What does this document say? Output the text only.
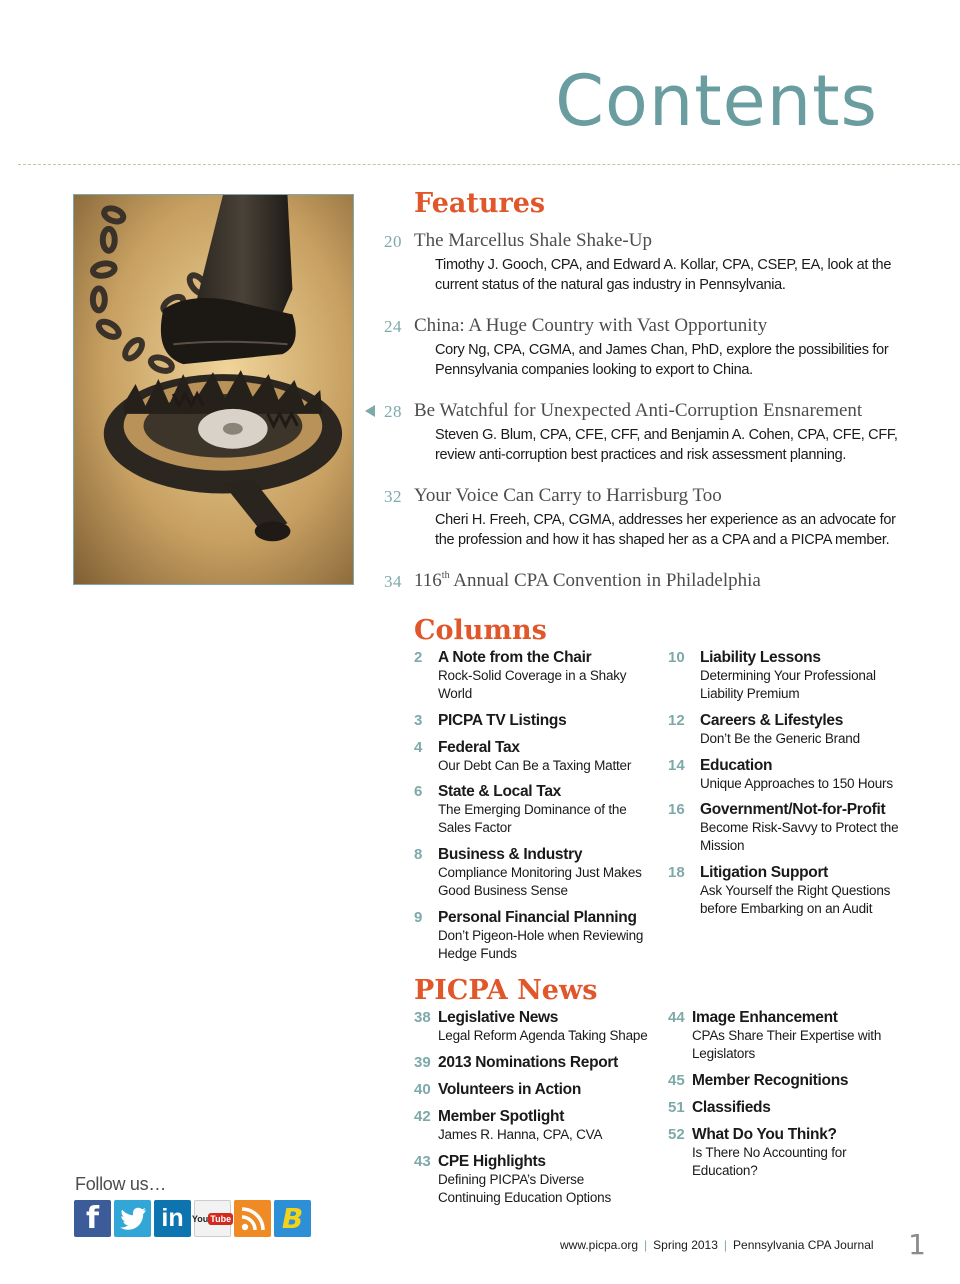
Contents
Features
20 The Marcellus Shale Shake-Up
Timothy J. Gooch, CPA, and Edward A. Kollar, CPA, CSEP, EA, look at the
current status of the natural gas industry in Pennsylvania.
24 China: A Huge Country with Vast Opportunity
Cory Ng, CPA, CGMA, and James Chan, PhD, explore the possibilities for
Pennsylvania companies looking to export to China.
28 Be Watchful for Unexpected Anti-Corruption Ensnarement
Steven G. Blum, CPA, CFE, CFF, and Benjamin A. Cohen, CPA, CFE, CFF,
review anti-corruption best practices and risk assessment planning.
32 Your Voice Can Carry to Harrisburg Too
Cheri H. Freeh, CPA, CGMA, addresses her experience as an advocate for
the profession and how it has shaped her as a CPA and a PICPA member.
34 116th Annual CPA Convention in Philadelphia
Columns
2 A Note from the Chair
Rock-Solid Coverage in a Shaky
World
3 PICPA TV Listings
4 Federal Tax
Our Debt Can Be a Taxing Matter
6 State & Local Tax
The Emerging Dominance of the
Sales Factor
8 Business & Industry
Compliance Monitoring Just Makes
Good Business Sense
9 Personal Financial Planning
Don’t Pigeon-Hole when Reviewing
Hedge Funds
10 Liability Lessons
Determining Your Professional
Liability Premium
12 Careers & Lifestyles
Don’t Be the Generic Brand
14 Education
Unique Approaches to 150 Hours
16 Government/Not-for-Profit
Become Risk-Savvy to Protect the
Mission
18 Litigation Support
Ask Yourself the Right Questions
before Embarking on an Audit
PICPA News
38 Legislative News
Legal Reform Agenda Taking Shape
39 2013 Nominations Report
40 Volunteers in Action
42 Member Spotlight
James R. Hanna, CPA, CVA
43 CPE Highlights
Defining PICPA’s Diverse
Continuing Education Options
44 Image Enhancement
CPAs Share Their Expertise with
Legislators
45 Member Recognitions
51 Classifieds
52 What Do You Think?
Is There No Accounting for
Education?
Follow us…
f	in You Tube B
www.picpa.org | Spring 2013 | Pennsylvania CPA Journal 1
